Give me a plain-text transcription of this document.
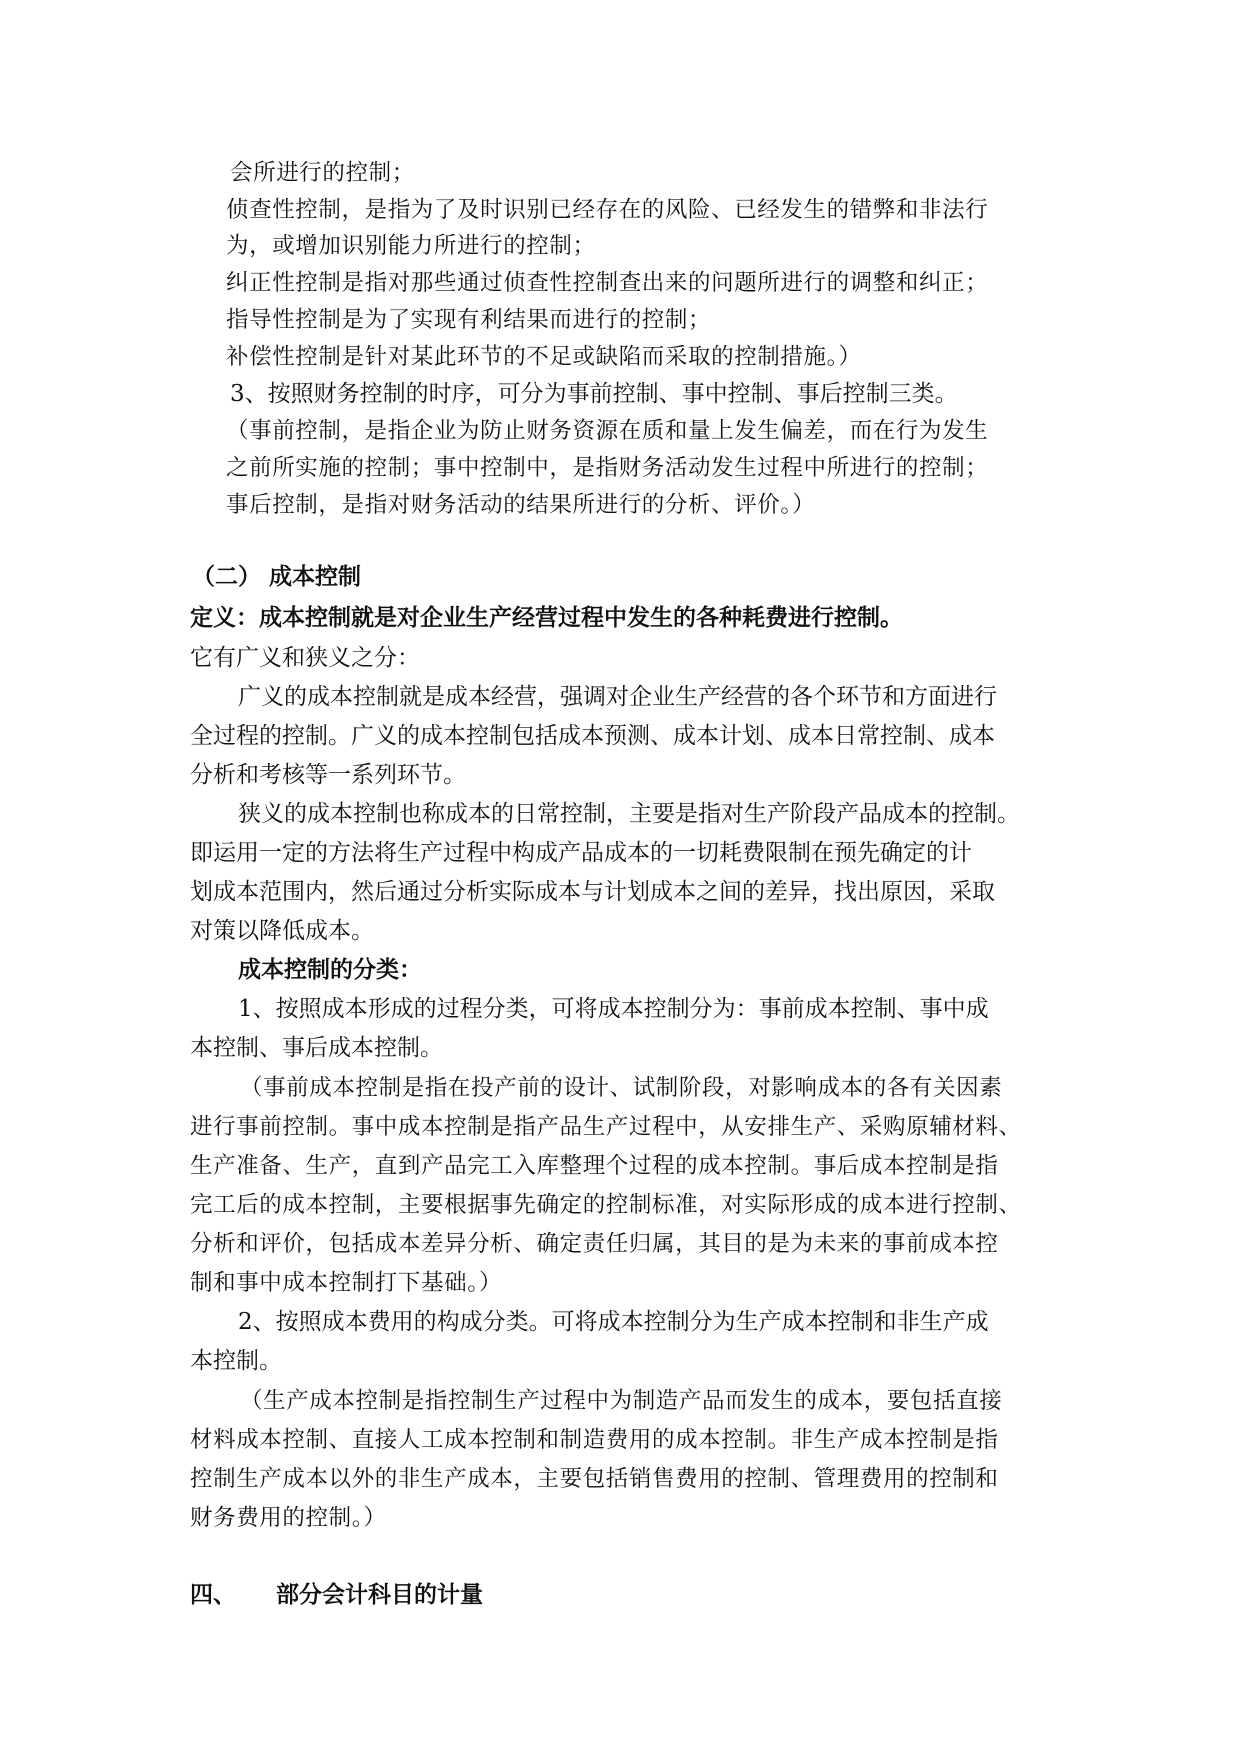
会所进行的控制；
侦查性控制，是指为了及时识别已经存在的风险、已经发生的错弊和非法行
为，或增加识别能力所进行的控制；
纠正性控制是指对那些通过侦查性控制查出来的问题所进行的调整和纠正；
指导性控制是为了实现有利结果而进行的控制；
补偿性控制是针对某此环节的不足或缺陷而采取的控制措施。）
3、按照财务控制的时序，可分为事前控制、事中控制、事后控制三类。
（事前控制，是指企业为防止财务资源在质和量上发生偏差，而在行为发生
之前所实施的控制；事中控制中，是指财务活动发生过程中所进行的控制；
事后控制，是指对财务活动的结果所进行的分析、评价。）
（二） 成本控制
定义：成本控制就是对企业生产经营过程中发生的各种耗费进行控制。
它有广义和狭义之分：
广义的成本控制就是成本经营，强调对企业生产经营的各个环节和方面进行
全过程的控制。广义的成本控制包括成本预测、成本计划、成本日常控制、成本
分析和考核等一系列环节。
狭义的成本控制也称成本的日常控制，主要是指对生产阶段产品成本的控制。
即运用一定的方法将生产过程中构成产品成本的一切耗费限制在预先确定的计
划成本范围内，然后通过分析实际成本与计划成本之间的差异，找出原因，采取
对策以降低成本。
成本控制的分类：
1、按照成本形成的过程分类，可将成本控制分为：事前成本控制、事中成
本控制、事后成本控制。
（事前成本控制是指在投产前的设计、试制阶段，对影响成本的各有关因素
进行事前控制。事中成本控制是指产品生产过程中，从安排生产、采购原辅材料、
生产准备、生产，直到产品完工入库整理个过程的成本控制。事后成本控制是指
完工后的成本控制，主要根据事先确定的控制标准，对实际形成的成本进行控制、
分析和评价，包括成本差异分析、确定责任归属，其目的是为未来的事前成本控
制和事中成本控制打下基础。）
2、按照成本费用的构成分类。可将成本控制分为生产成本控制和非生产成
本控制。
（生产成本控制是指控制生产过程中为制造产品而发生的成本，要包括直接
材料成本控制、直接人工成本控制和制造费用的成本控制。非生产成本控制是指
控制生产成本以外的非生产成本，主要包括销售费用的控制、管理费用的控制和
财务费用的控制。）
四、 部分会计科目的计量
